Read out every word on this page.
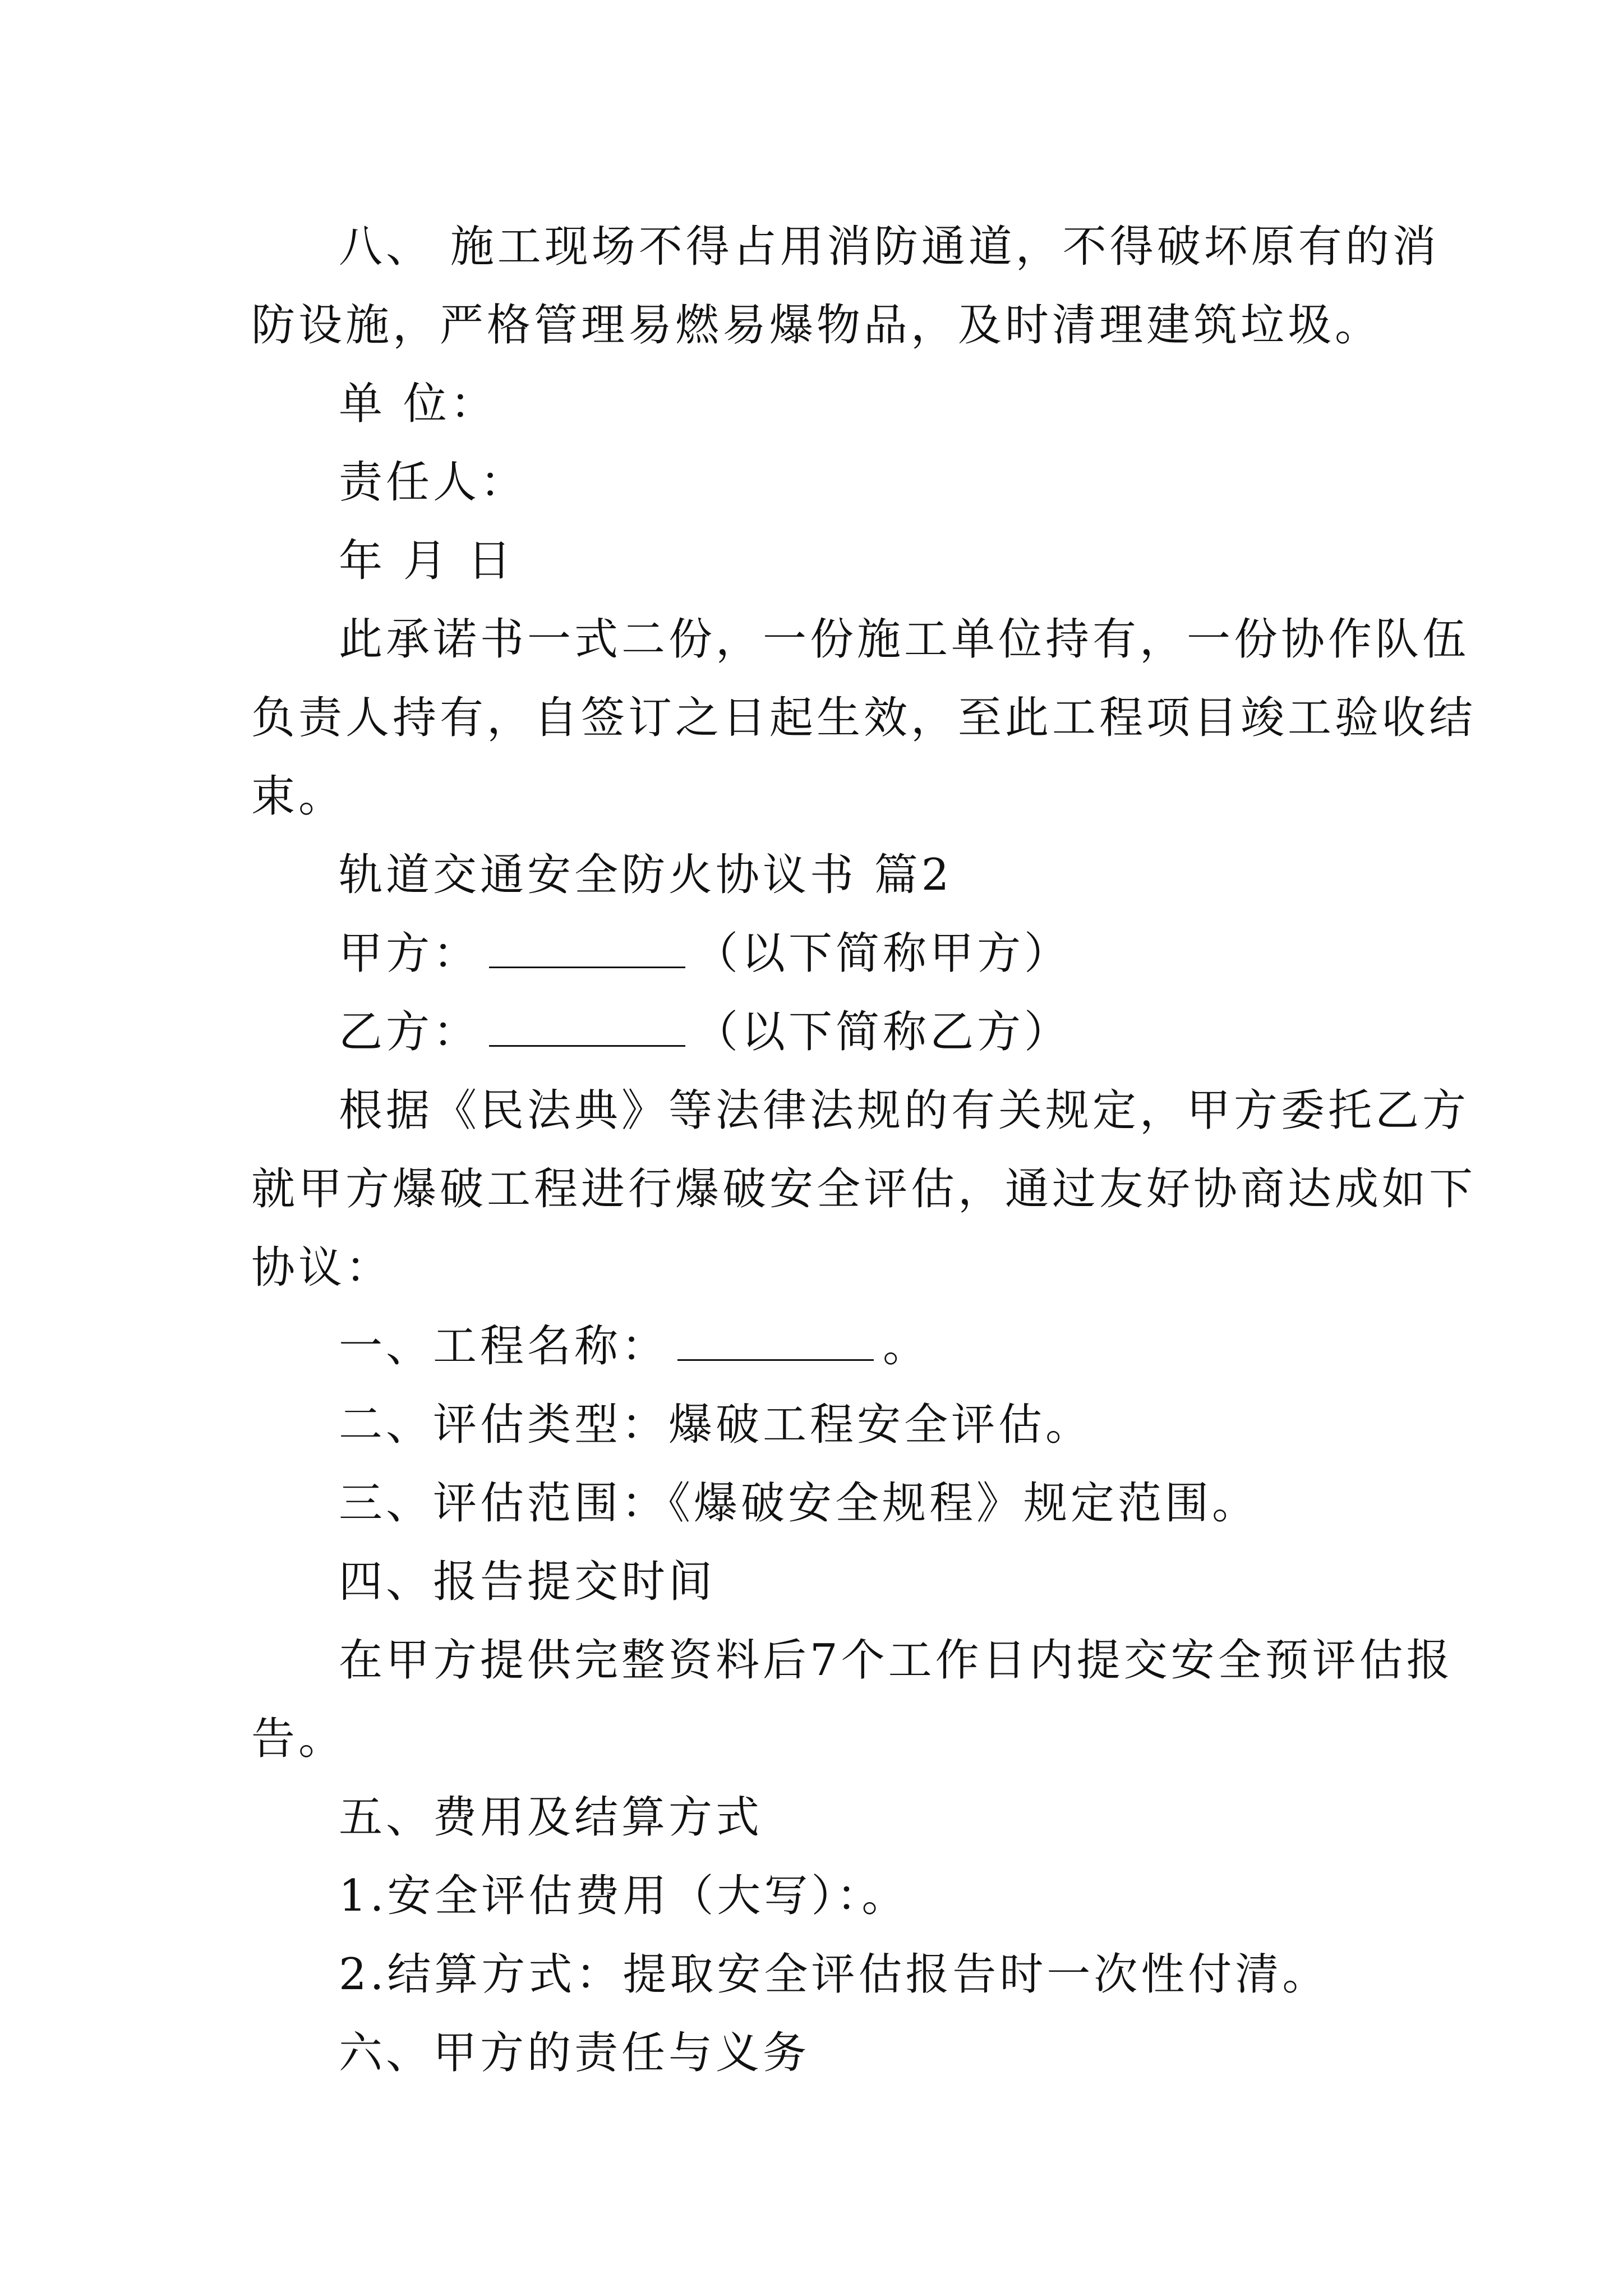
八、 施工现场不得占用消防通道，不得破坏原有的消
防设施，严格管理易燃易爆物品，及时清理建筑垃圾。
单 位：
责任人：
年 月 日
此承诺书一式二份，一份施工单位持有，一份协作队伍
负责人持有，自签订之日起生效，至此工程项目竣工验收结
束。
轨道交通安全防火协议书 篇2
甲方：	（以下简称甲方）
乙方：	（以下简称乙方）
根据《民法典》等法律法规的有关规定，甲方委托乙方
就甲方爆破工程进行爆破安全评估，通过友好协商达成如下
协议：
一、工程名称：	。
二、评估类型：爆破工程安全评估。
三、评估范围：《爆破安全规程》规定范围。
四、报告提交时间
在甲方提供完整资料后7个工作日内提交安全预评估报
告。
五、费用及结算方式
1.安全评估费用（大写）：。
2.结算方式：提取安全评估报告时一次性付清。
六、甲方的责任与义务
